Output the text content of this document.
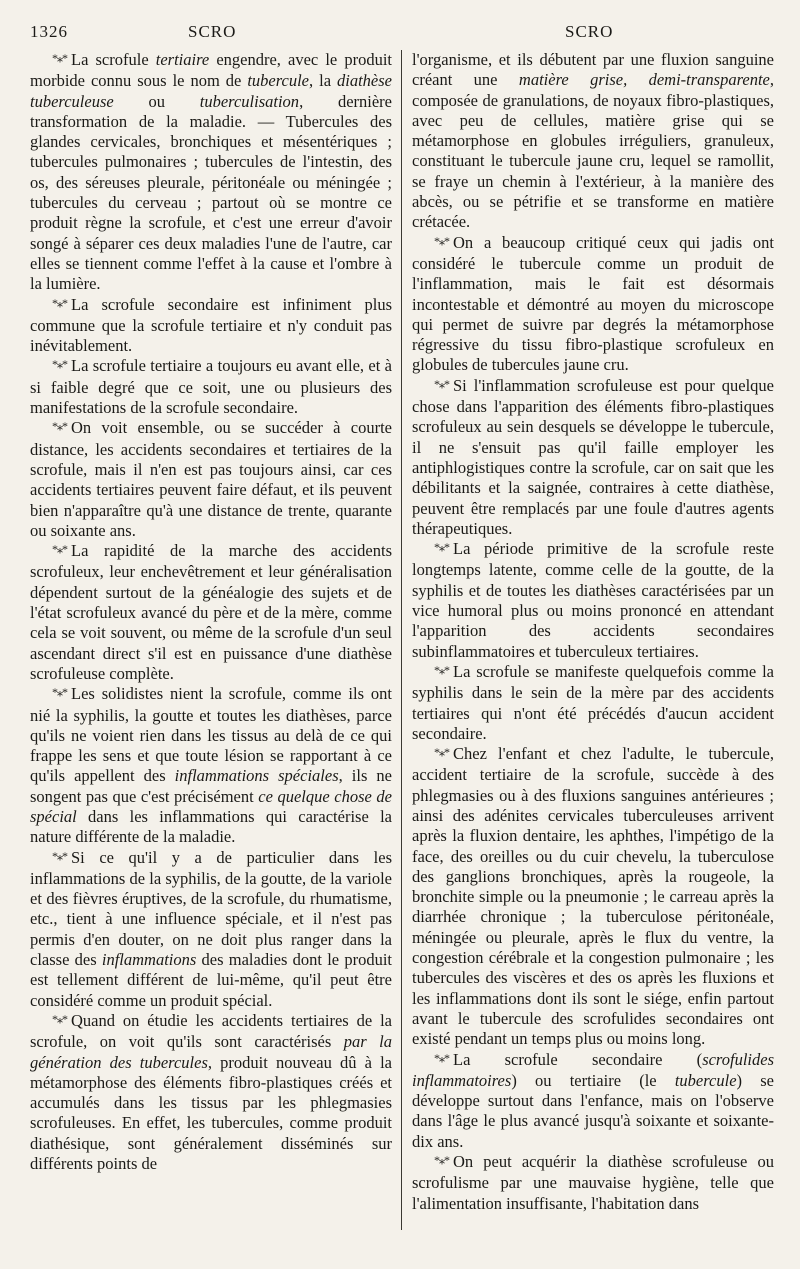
1326	SCRO	SCRO

*⁎* La scrofule tertiaire engendre, avec le produit morbide connu sous le nom de tubercule, la diathèse tuberculeuse ou tuberculisation, dernière transformation de la maladie. — Tubercules des glandes cervicales, bronchiques et mésentériques ; tubercules pulmonaires ; tubercules de l'intestin, des os, des séreuses pleurale, péritonéale ou méningée ; tubercules du cerveau ; partout où se montre ce produit règne la scrofule, et c'est une erreur d'avoir songé à séparer ces deux maladies l'une de l'autre, car elles se tiennent comme l'effet à la cause et l'ombre à la lumière.

*⁎* La scrofule secondaire est infiniment plus commune que la scrofule tertiaire et n'y conduit pas inévitablement.

*⁎* La scrofule tertiaire a toujours eu avant elle, et à si faible degré que ce soit, une ou plusieurs des manifestations de la scrofule secondaire.

*⁎* On voit ensemble, ou se succéder à courte distance, les accidents secondaires et tertiaires de la scrofule, mais il n'en est pas toujours ainsi, car ces accidents tertiaires peuvent faire défaut, et ils peuvent bien n'apparaître qu'à une distance de trente, quarante ou soixante ans.

*⁎* La rapidité de la marche des accidents scrofuleux, leur enchevêtrement et leur généralisation dépendent surtout de la généalogie des sujets et de l'état scrofuleux avancé du père et de la mère, comme cela se voit souvent, ou même de la scrofule d'un seul ascendant direct s'il est en puissance d'une diathèse scrofuleuse complète.

*⁎* Les solidistes nient la scrofule, comme ils ont nié la syphilis, la goutte et toutes les diathèses, parce qu'ils ne voient rien dans les tissus au delà de ce qui frappe les sens et que toute lésion se rapportant à ce qu'ils appellent des inflammations spéciales, ils ne songent pas que c'est précisément ce quelque chose de spécial dans les inflammations qui caractérise la nature différente de la maladie.

*⁎* Si ce qu'il y a de particulier dans les inflammations de la syphilis, de la goutte, de la variole et des fièvres éruptives, de la scrofule, du rhumatisme, etc., tient à une influence spéciale, et il n'est pas permis d'en douter, on ne doit plus ranger dans la classe des inflammations des maladies dont le produit est tellement différent de lui-même, qu'il peut être considéré comme un produit spécial.

*⁎* Quand on étudie les accidents tertiaires de la scrofule, on voit qu'ils sont caractérisés par la génération des tubercules, produit nouveau dû à la métamorphose des éléments fibro-plastiques créés et accumulés dans les tissus par les phlegmasies scrofuleuses. En effet, les tubercules, comme produit diathésique, sont généralement disséminés sur différents points de

l'organisme, et ils débutent par une fluxion sanguine créant une matière grise, demi-transparente, composée de granulations, de noyaux fibro-plastiques, avec peu de cellules, matière grise qui se métamorphose en globules irréguliers, granuleux, constituant le tubercule jaune cru, lequel se ramollit, se fraye un chemin à l'extérieur, à la manière des abcès, ou se pétrifie et se transforme en matière crétacée.

*⁎* On a beaucoup critiqué ceux qui jadis ont considéré le tubercule comme un produit de l'inflammation, mais le fait est désormais incontestable et démontré au moyen du microscope qui permet de suivre par degrés la métamorphose régressive du tissu fibro-plastique scrofuleux en globules de tubercules jaune cru.

*⁎* Si l'inflammation scrofuleuse est pour quelque chose dans l'apparition des éléments fibro-plastiques scrofuleux au sein desquels se développe le tubercule, il ne s'ensuit pas qu'il faille employer les antiphlogistiques contre la scrofule, car on sait que les débilitants et la saignée, contraires à cette diathèse, peuvent être remplacés par une foule d'autres agents thérapeutiques.

*⁎* La période primitive de la scrofule reste longtemps latente, comme celle de la goutte, de la syphilis et de toutes les diathèses caractérisées par un vice humoral plus ou moins prononcé en attendant l'apparition des accidents secondaires subinflammatoires et tuberculeux tertiaires.

*⁎* La scrofule se manifeste quelquefois comme la syphilis dans le sein de la mère par des accidents tertiaires qui n'ont été précédés d'aucun accident secondaire.

*⁎* Chez l'enfant et chez l'adulte, le tubercule, accident tertiaire de la scrofule, succède à des phlegmasies ou à des fluxions sanguines antérieures ; ainsi des adénites cervicales tuberculeuses arrivent après la fluxion dentaire, les aphthes, l'impétigo de la face, des oreilles ou du cuir chevelu, la tuberculose des ganglions bronchiques, après la rougeole, la bronchite simple ou la pneumonie ; le carreau après la diarrhée chronique ; la tuberculose péritonéale, méningée ou pleurale, après le flux du ventre, la congestion cérébrale et la congestion pulmonaire ; les tubercules des viscères et des os après les fluxions et les inflammations dont ils sont le siége, enfin partout avant le tubercule des scrofulides secondaires ont existé pendant un temps plus ou moins long.

*⁎* La scrofule secondaire (scrofulides inflammatoires) ou tertiaire (le tubercule) se développe surtout dans l'enfance, mais on l'observe dans l'âge le plus avancé jusqu'à soixante et soixante-dix ans.

*⁎* On peut acquérir la diathèse scrofuleuse ou scrofulisme par une mauvaise hygiène, telle que l'alimentation insuffisante, l'habitation dans
